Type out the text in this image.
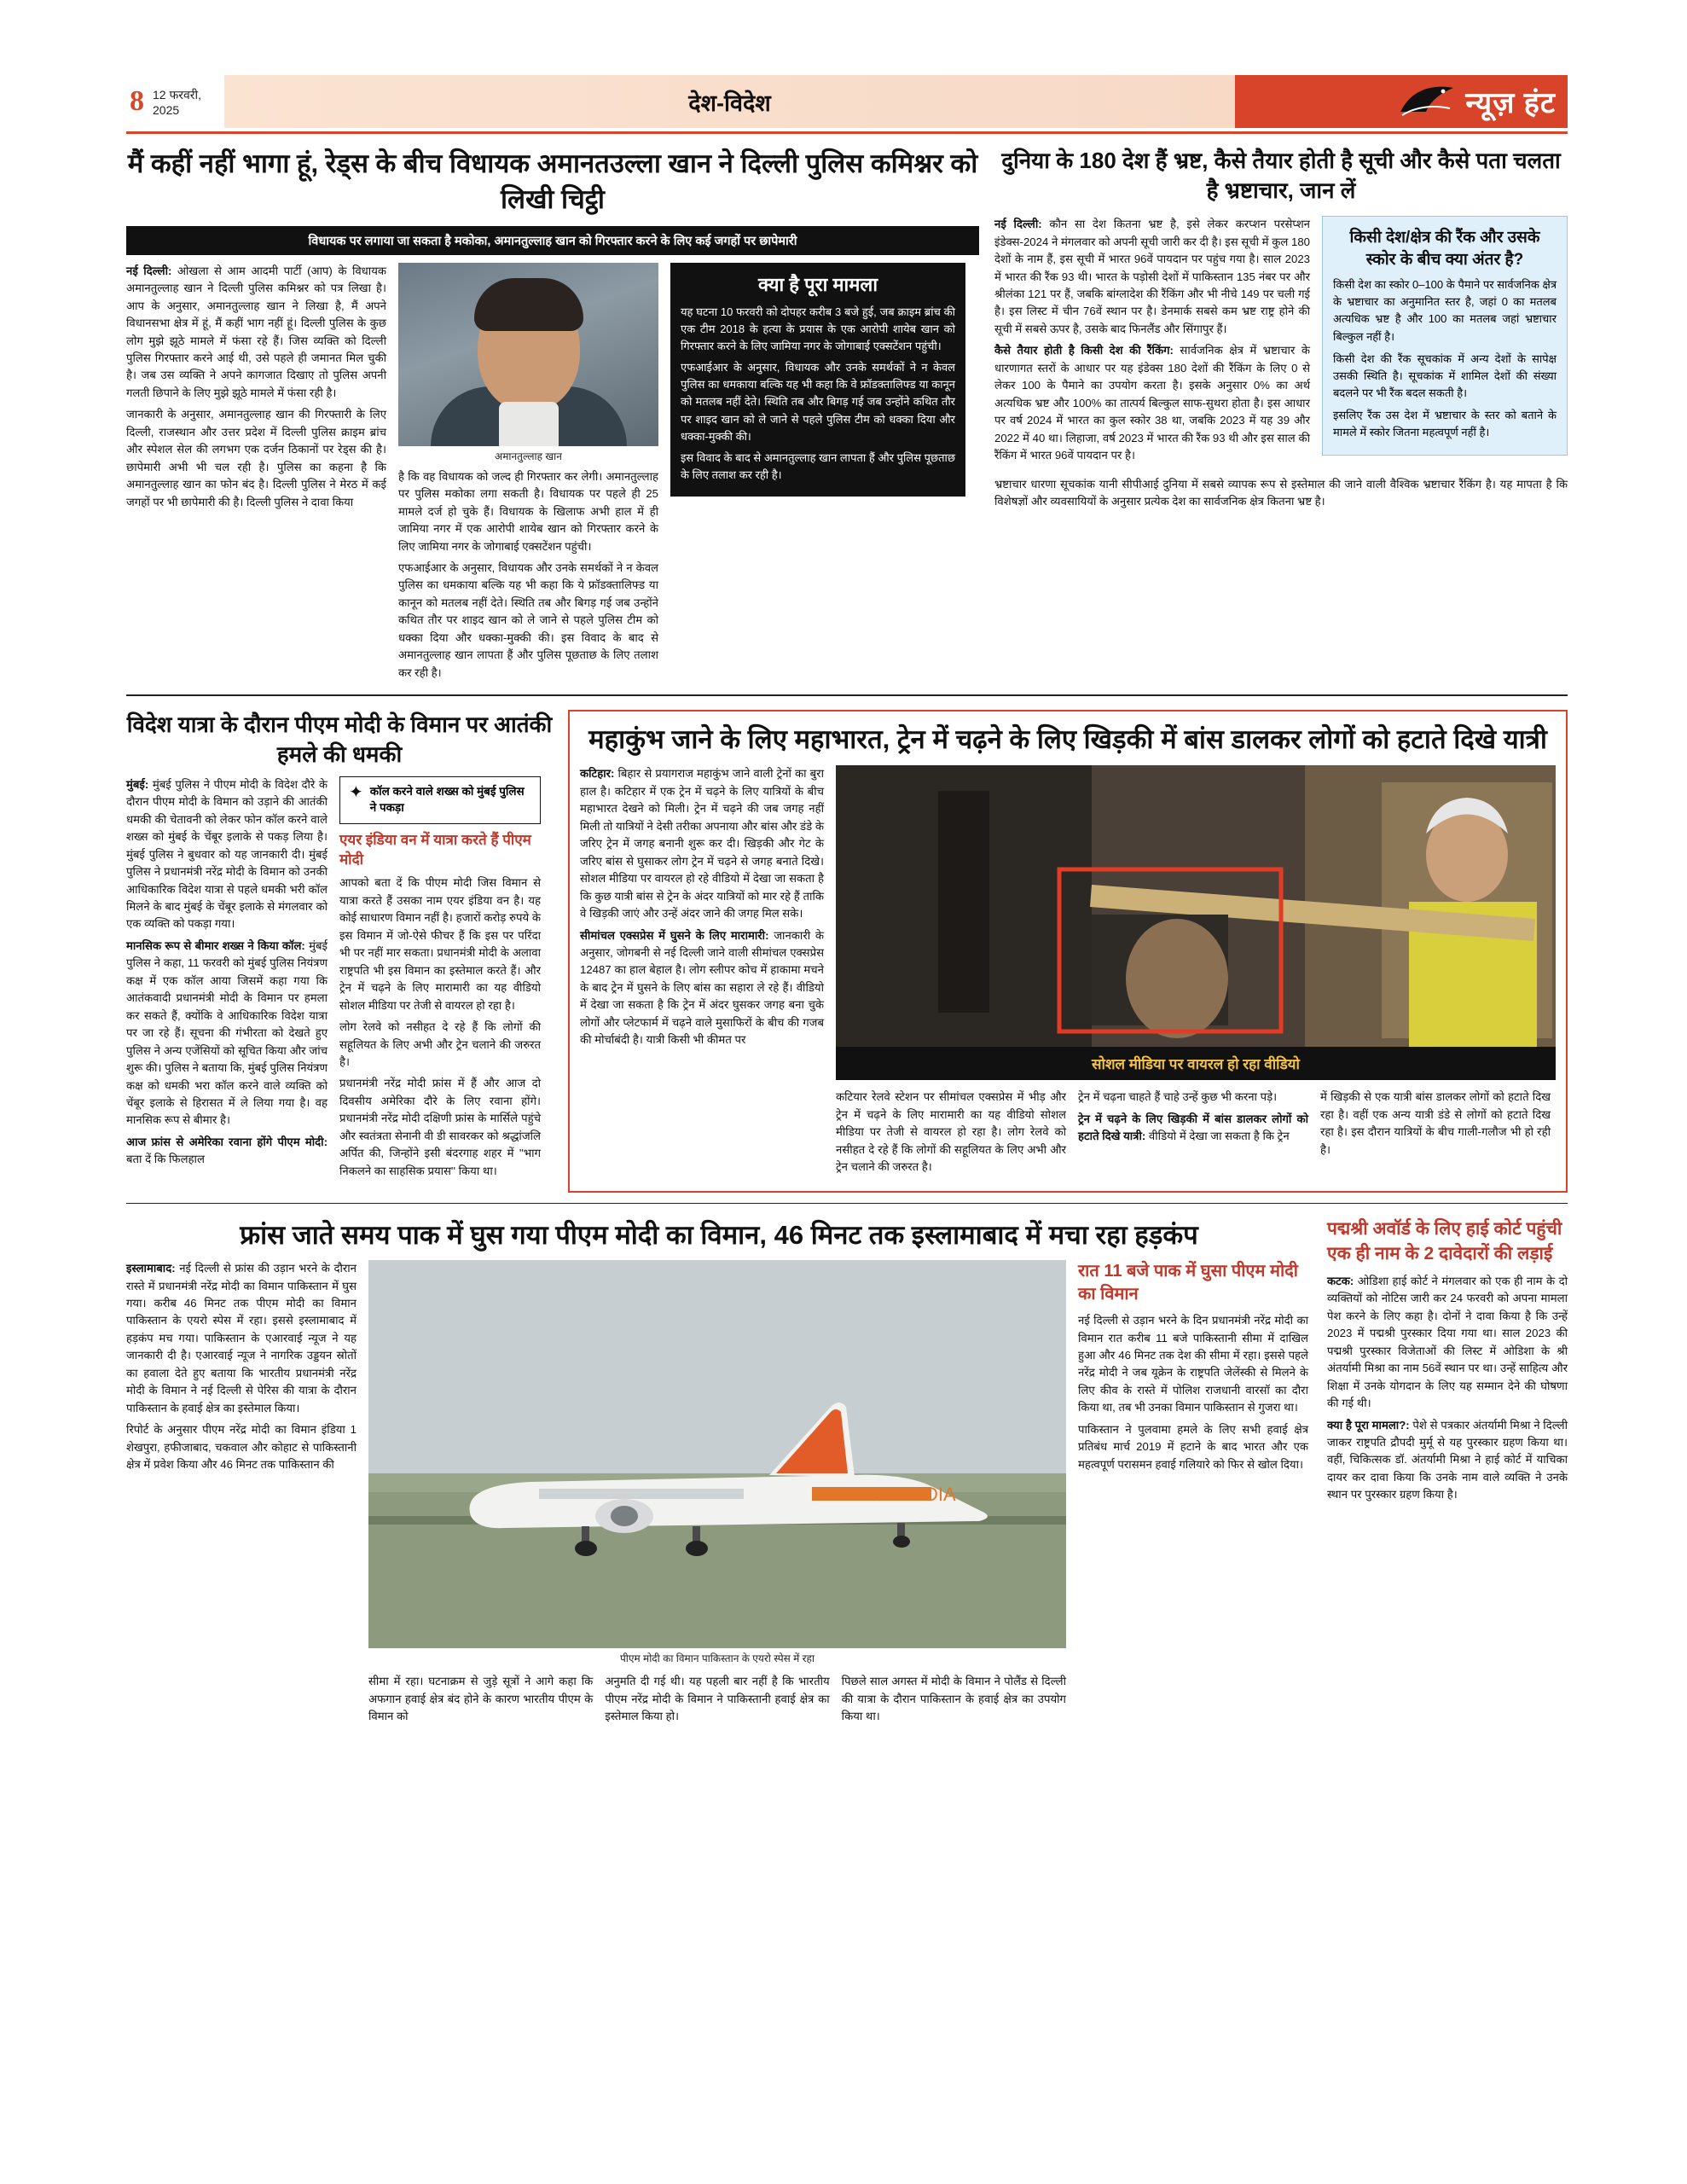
8 12 फरवरी, 2025	देश-विदेश	न्यूज़ हंट
मैं कहीं नहीं भागा हूं, रेड्स के बीच विधायक अमानतउल्ला खान ने दिल्ली पुलिस कमिश्नर को लिखी चिट्ठी
विधायक पर लगाया जा सकता है मकोका, अमानतुल्लाह खान को गिरफ्तार करने के लिए कई जगहों पर छापेमारी

नई दिल्ली: ओखला से आम आदमी पार्टी (आप) के विधायक अमानतुल्लाह खान ने दिल्ली पुलिस कमिश्नर को पत्र लिखा है। आप के अनुसार, अमानतुल्लाह खान ने लिखा है, मैं अपने विधानसभा क्षेत्र में हूं, मैं कहीं भाग नहीं हूं। दिल्ली पुलिस के कुछ लोग मुझे झूठे मामले में फंसा रहे हैं। जिस व्यक्ति को दिल्ली पुलिस गिरफ्तार करने आई थी, उसे पहले ही जमानत मिल चुकी है। जब उस व्यक्ति ने अपने कागजात दिखाए तो पुलिस अपनी गलती छिपाने के लिए मुझे झूठे मामले में फंसा रही है।

जानकारी के अनुसार, अमानतुल्लाह खान की गिरफ्तारी के लिए दिल्ली, राजस्थान और उत्तर प्रदेश में दिल्ली पुलिस क्राइम ब्रांच और स्पेशल सेल की लगभग एक दर्जन ठिकानों पर रेड्स की है। छापेमारी अभी भी चल रही है। पुलिस का कहना है कि अमानतुल्लाह खान का फोन बंद है। दिल्ली पुलिस ने मेरठ में कई जगहों पर भी छापेमारी की है। दिल्ली पुलिस ने दावा किया

अमानतुल्लाह खान

है कि वह विधायक को जल्द ही गिरफ्तार कर लेगी। अमानतुल्लाह पर पुलिस मकोका लगा सकती है। विधायक पर पहले ही 25 मामले दर्ज हो चुके हैं। विधायक के खिलाफ अभी हाल में ही जामिया नगर में एक आरोपी शायेब खान को गिरफ्तार करने के लिए जामिया नगर के जोगाबाई एक्सटेंशन पहुंची।

एफआईआर के अनुसार, विधायक और उनके समर्थकों ने न केवल पुलिस का धमकाया बल्कि यह भी कहा कि ये फ्रॉडक्तालिफ्ड या कानून को मतलब नहीं देते। स्थिति तब और बिगड़ गई जब उन्होंने कथित तौर पर शाइद खान को ले जाने से पहले पुलिस टीम को धक्का दिया और धक्का-मुक्की की। इस विवाद के बाद से अमानतुल्लाह खान लापता हैं और पुलिस पूछताछ के लिए तलाश कर रही है।

क्या है पूरा मामला

यह घटना 10 फरवरी को दोपहर करीब 3 बजे हुई, जब क्राइम ब्रांच की एक टीम 2018 के हत्या के प्रयास के एक आरोपी शायेब खान को गिरफ्तार करने के लिए जामिया नगर के जोगाबाई एक्सटेंशन पहुंची।

एफआईआर के अनुसार, विधायक और उनके समर्थकों ने न केवल पुलिस का धमकाया बल्कि यह भी कहा कि वे फ्रॉडक्तालिफ्ड या कानून को मतलब नहीं देते। स्थिति तब और बिगड़ गई जब उन्होंने कथित तौर पर शाइद खान को ले जाने से पहले पुलिस टीम को धक्का दिया और धक्का-मुक्की की।

इस विवाद के बाद से अमानतुल्लाह खान लापता हैं और पुलिस पूछताछ के लिए तलाश कर रही है।

दुनिया के 180 देश हैं भ्रष्ट, कैसे तैयार होती है सूची और कैसे पता चलता है भ्रष्टाचार, जान लें

नई दिल्ली: कौन सा देश कितना भ्रष्ट है, इसे लेकर करप्शन परसेप्शन इंडेक्स-2024 ने मंगलवार को अपनी सूची जारी कर दी है। इस सूची में कुल 180 देशों के नाम हैं, इस सूची में भारत 96वें पायदान पर पहुंच गया है। साल 2023 में भारत की रैंक 93 थी। भारत के पड़ोसी देशों में पाकिस्तान 135 नंबर पर और श्रीलंका 121 पर हैं, जबकि बांग्लादेश की रैंकिंग और भी नीचे 149 पर चली गई है। इस लिस्ट में चीन 76वें स्थान पर है। डेनमार्क सबसे कम भ्रष्ट राष्ट्र होने की सूची में सबसे ऊपर है, उसके बाद फिनलैंड और सिंगापुर हैं।

कैसे तैयार होती है किसी देश की रैंकिंग: सार्वजनिक क्षेत्र में भ्रष्टाचार के धारणागत स्तरों के आधार पर यह इंडेक्स 180 देशों की रैंकिंग के लिए 0 से लेकर 100 के पैमाने का उपयोग करता है। इसके अनुसार 0% का अर्थ अत्यधिक भ्रष्ट और 100% का तात्पर्य बिल्कुल साफ-सुथरा होता है। इस आधार पर वर्ष 2024 में भारत का कुल स्कोर 38 था, जबकि 2023 में यह 39 और 2022 में 40 था। लिहाजा, वर्ष 2023 में भारत की रैंक 93 थी और इस साल की रैंकिंग में भारत 96वें पायदान पर है।

किसी देश/क्षेत्र की रैंक और उसके स्कोर के बीच क्या अंतर है?

किसी देश का स्कोर 0–100 के पैमाने पर सार्वजनिक क्षेत्र के भ्रष्टाचार का अनुमानित स्तर है, जहां 0 का मतलब अत्यधिक भ्रष्ट है और 100 का मतलब जहां भ्रष्टाचार बिल्कुल नहीं है।

किसी देश की रैंक सूचकांक में अन्य देशों के सापेक्ष उसकी स्थिति है। सूचकांक में शामिल देशों की संख्या बदलने पर भी रैंक बदल सकती है।

इसलिए रैंक उस देश में भ्रष्टाचार के स्तर को बताने के मामले में स्कोर जितना महत्वपूर्ण नहीं है।

भ्रष्टाचार धारणा सूचकांक यानी सीपीआई दुनिया में सबसे व्यापक रूप से इस्तेमाल की जाने वाली वैश्विक भ्रष्टाचार रैंकिंग है। यह मापता है कि विशेषज्ञों और व्यवसायियों के अनुसार प्रत्येक देश का सार्वजनिक क्षेत्र कितना भ्रष्ट है।

विदेश यात्रा के दौरान पीएम मोदी के विमान पर आतंकी हमले की धमकी

मुंबई: मुंबई पुलिस ने पीएम मोदी के विदेश दौरे के दौरान पीएम मोदी के विमान को उड़ाने की आतंकी धमकी की चेतावनी को लेकर फोन कॉल करने वाले शख्स को मुंबई के चेंबूर इलाके से पकड़ लिया है। मुंबई पुलिस ने बुधवार को यह जानकारी दी। मुंबई पुलिस ने प्रधानमंत्री नरेंद्र मोदी के विमान को उनकी आधिकारिक विदेश यात्रा से पहले धमकी भरी कॉल मिलने के बाद मुंबई के चेंबूर इलाके से मंगलवार को एक व्यक्ति को पकड़ा गया।

मानसिक रूप से बीमार शख्स ने किया कॉल: मुंबई पुलिस ने कहा, 11 फरवरी को मुंबई पुलिस नियंत्रण कक्ष में एक कॉल आया जिसमें कहा गया कि आतंकवादी प्रधानमंत्री मोदी के विमान पर हमला कर सकते हैं, क्योंकि वे आधिकारिक विदेश यात्रा पर जा रहे हैं। सूचना की गंभीरता को देखते हुए पुलिस ने अन्य एजेंसियों को सूचित किया और जांच शुरू की। पुलिस ने बताया कि, मुंबई पुलिस नियंत्रण कक्ष को धमकी भरा कॉल करने वाले व्यक्ति को चेंबूर इलाके से हिरासत में ले लिया गया है। वह मानसिक रूप से बीमार है।

आज फ्रांस से अमेरिका रवाना होंगे पीएम मोदी: बता दें कि फिलहाल

✦ कॉल करने वाले शख्स को मुंबई पुलिस ने पकड़ा
एयर इंडिया वन में यात्रा करते हैं पीएम मोदी

आपको बता दें कि पीएम मोदी जिस विमान से यात्रा करते हैं उसका नाम एयर इंडिया वन है। यह कोई साधारण विमान नहीं है। हजारों करोड़ रुपये के इस विमान में जो-ऐसे फीचर हैं कि इस पर परिंदा भी पर नहीं मार सकता। प्रधानमंत्री मोदी के अलावा राष्ट्रपति भी इस विमान का इस्तेमाल करते हैं। और ट्रेन में चढ़ने के लिए मारामारी का यह वीडियो सोशल मीडिया पर तेजी से वायरल हो रहा है।

लोग रेलवे को नसीहत दे रहे हैं कि लोगों की सहूलियत के लिए अभी और ट्रेन चलाने की जरुरत है।

प्रधानमंत्री नरेंद्र मोदी फ्रांस में हैं और आज दो दिवसीय अमेरिका दौरे के लिए रवाना होंगे। प्रधानमंत्री नरेंद्र मोदी दक्षिणी फ्रांस के मार्सिले पहुंचे और स्वतंत्रता सेनानी वी डी सावरकर को श्रद्धांजलि अर्पित की, जिन्होंने इसी बंदरगाह शहर में ''भाग निकलने का साहसिक प्रयास'' किया था।

महाकुंभ जाने के लिए महाभारत, ट्रेन में चढ़ने के लिए खिड़की में बांस डालकर लोगों को हटाते दिखे यात्री

कटिहार: बिहार से प्रयागराज महाकुंभ जाने वाली ट्रेनों का बुरा हाल है। कटिहार में एक ट्रेन में चढ़ने के लिए यात्रियों के बीच महाभारत देखने को मिली। ट्रेन में चढ़ने की जब जगह नहीं मिली तो यात्रियों ने देसी तरीका अपनाया और बांस और डंडे के जरिए ट्रेन में जगह बनानी शुरू कर दी। खिड़की और गेट के जरिए बांस से घुसाकर लोग ट्रेन में चढ़ने से जगह बनाते दिखे। सोशल मीडिया पर वायरल हो रहे वीडियो में देखा जा सकता है कि कुछ यात्री बांस से ट्रेन के अंदर यात्रियों को मार रहे हैं ताकि वे खिड़की जाएं और उन्हें अंदर जाने की जगह मिल सके।

सीमांचल एक्सप्रेस में घुसने के लिए मारामारी: जानकारी के अनुसार, जोगबनी से नई दिल्ली जाने वाली सीमांचल एक्सप्रेस 12487 का हाल बेहाल है। लोग स्लीपर कोच में हाकामा मचने के बाद ट्रेन में घुसने के लिए बांस का सहारा ले रहे हैं। वीडियो में देखा जा सकता है कि ट्रेन में अंदर घुसकर जगह बना चुके लोगों और प्लेटफार्म में चढ़ने वाले मुसाफिरों के बीच की गजब की मोर्चाबंदी है। यात्री किसी भी कीमत पर

सोशल मीडिया पर वायरल हो रहा वीडियो

कटियार रेलवे स्टेशन पर सीमांचल एक्सप्रेस में भीड़ और ट्रेन में चढ़ने के लिए मारामारी का यह वीडियो सोशल मीडिया पर तेजी से वायरल हो रहा है। लोग रेलवे को नसीहत दे रहे हैं कि लोगों की सहूलियत के लिए अभी और ट्रेन चलाने की जरुरत है।

ट्रेन में चढ़ना चाहते हैं चाहे उन्हें कुछ भी करना पड़े।

ट्रेन में चढ़ने के लिए खिड़की में बांस डालकर लोगों को हटाते दिखे यात्री: वीडियो में देखा जा सकता है कि ट्रेन

में खिड़की से एक यात्री बांस डालकर लोगों को हटाते दिख रहा है। वहीं एक अन्य यात्री डंडे से लोगों को हटाते दिख रहा है। इस दौरान यात्रियों के बीच गाली-गलौज भी हो रही है।

फ्रांस जाते समय पाक में घुस गया पीएम मोदी का विमान, 46 मिनट तक इस्लामाबाद में मचा रहा हड़कंप

इस्लामाबाद: नई दिल्ली से फ्रांस की उड़ान भरने के दौरान रास्ते में प्रधानमंत्री नरेंद्र मोदी का विमान पाकिस्तान में घुस गया। करीब 46 मिनट तक पीएम मोदी का विमान पाकिस्तान के एयरो स्पेस में रहा। इससे इस्लामाबाद में हड़कंप मच गया। पाकिस्तान के एआरवाई न्यूज ने यह जानकारी दी है। एआरवाई न्यूज ने नागरिक उड्डयन स्रोतों का हवाला देते हुए बताया कि भारतीय प्रधानमंत्री नरेंद्र मोदी के विमान ने नई दिल्ली से पेरिस की यात्रा के दौरान पाकिस्तान के हवाई क्षेत्र का इस्तेमाल किया।

रिपोर्ट के अनुसार पीएम नरेंद्र मोदी का विमान इंडिया 1 शेखपुरा, हफीजाबाद, चकवाल और कोहाट से पाकिस्तानी क्षेत्र में प्रवेश किया और 46 मिनट तक पाकिस्तान की

भारत INDIA
पीएम मोदी का विमान पाकिस्तान के एयरो स्पेस में रहा

सीमा में रहा। घटनाक्रम से जुड़े सूत्रों ने आगे कहा कि अफगान हवाई क्षेत्र बंद होने के कारण भारतीय पीएम के विमान को

अनुमति दी गई थी। यह पहली बार नहीं है कि भारतीय पीएम नरेंद्र मोदी के विमान ने पाकिस्तानी हवाई क्षेत्र का इस्तेमाल किया हो।

पिछले साल अगस्त में मोदी के विमान ने पोलैंड से दिल्ली की यात्रा के दौरान पाकिस्तान के हवाई क्षेत्र का उपयोग किया था।

रात 11 बजे पाक में घुसा पीएम मोदी का विमान

नई दिल्ली से उड़ान भरने के दिन प्रधानमंत्री नरेंद्र मोदी का विमान रात करीब 11 बजे पाकिस्तानी सीमा में दाखिल हुआ और 46 मिनट तक देश की सीमा में रहा। इससे पहले नरेंद्र मोदी ने जब यूक्रेन के राष्ट्रपति जेलेंस्की से मिलने के लिए कीव के रास्ते में पोलिश राजधानी वारसॉ का दौरा किया था, तब भी उनका विमान पाकिस्तान से गुजरा था।

पाकिस्तान ने पुलवामा हमले के लिए सभी हवाई क्षेत्र प्रतिबंध मार्च 2019 में हटाने के बाद भारत और एक महत्वपूर्ण परासमन हवाई गलियारे को फिर से खोल दिया।

पद्मश्री अवॉर्ड के लिए हाई कोर्ट पहुंची एक ही नाम के 2 दावेदारों की लड़ाई

कटक: ओडिशा हाई कोर्ट ने मंगलवार को एक ही नाम के दो व्यक्तियों को नोटिस जारी कर 24 फरवरी को अपना मामला पेश करने के लिए कहा है। दोनों ने दावा किया है कि उन्हें 2023 में पद्मश्री पुरस्कार दिया गया था। साल 2023 की पद्मश्री पुरस्कार विजेताओं की लिस्ट में ओडिशा के श्री अंतर्यामी मिश्रा का नाम 56वें स्थान पर था। उन्हें साहित्य और शिक्षा में उनके योगदान के लिए यह सम्मान देने की घोषणा की गई थी।

क्या है पूरा मामला?: पेशे से पत्रकार अंतर्यामी मिश्रा ने दिल्ली जाकर राष्ट्रपति द्रौपदी मुर्मू से यह पुरस्कार ग्रहण किया था। वहीं, चिकित्सक डॉ. अंतर्यामी मिश्रा ने हाई कोर्ट में याचिका दायर कर दावा किया कि उनके नाम वाले व्यक्ति ने उनके स्थान पर पुरस्कार ग्रहण किया है।
